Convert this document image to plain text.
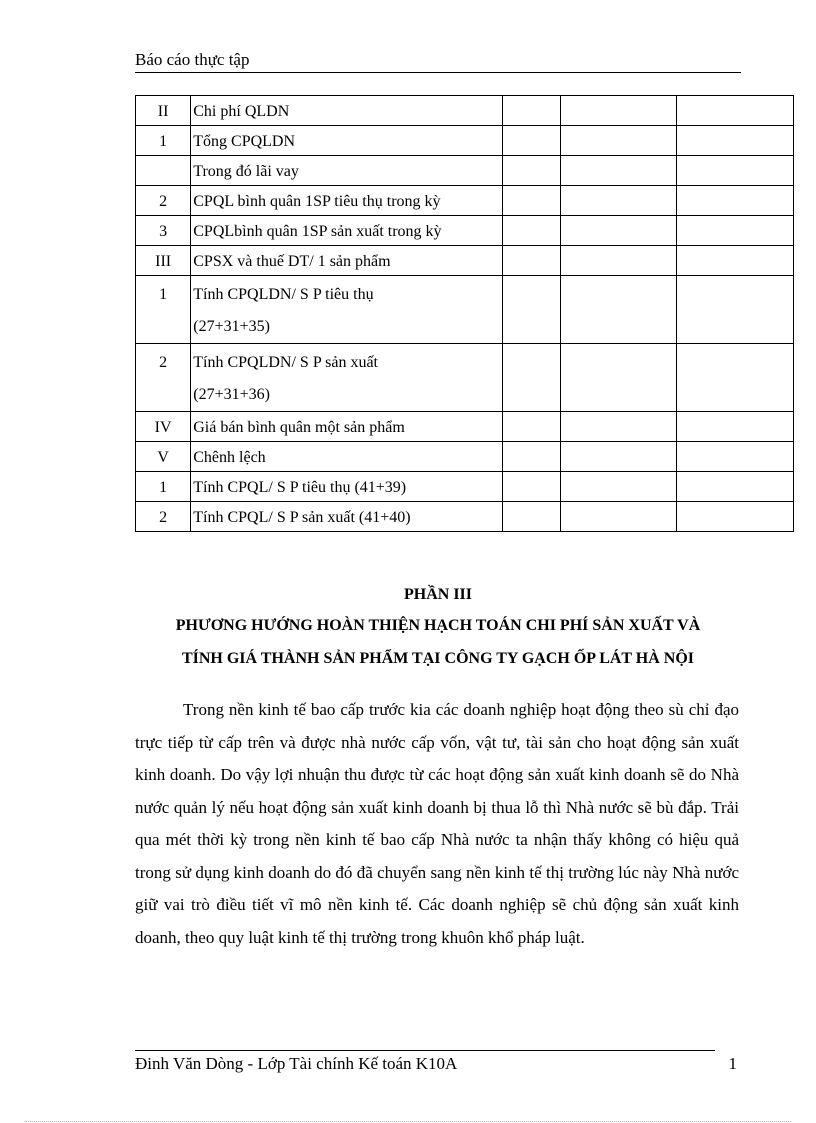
Báo cáo thực tập
II	Chi phí QLDN			

1	Tổng CPQLDN			

	Trong đó lãi vay			

2	CPQL bình quân 1SP tiêu thụ trong kỳ			

3	CPQLbình quân 1SP sản xuất trong kỳ			

III	CPSX và thuế DT/ 1 sản phẩm			

1	Tính CPQLDN/ S P tiêu thụ
(27+31+35)			

2	Tính CPQLDN/ S P sản xuất
(27+31+36)			

IV	Giá bán bình quân một sản phẩm			

V	Chênh lệch			

1	Tính CPQL/ S P tiêu thụ (41+39)			

2	Tính CPQL/ S P sản xuất (41+40)			

PHẦN III
PHƯƠNG HƯỚNG HOÀN THIỆN HẠCH TOÁN CHI PHÍ SẢN XUẤT VÀ
TÍNH GIÁ THÀNH SẢN PHẨM TẠI CÔNG TY GẠCH ỐP LÁT HÀ NỘI

Trong nền kinh tế bao cấp trước kia các doanh nghiệp hoạt động theo sù chỉ đạo trực tiếp từ cấp trên và được nhà nước cấp vốn, vật tư, tài sản cho hoạt động sản xuất kinh doanh. Do vậy lợi nhuận thu được từ các hoạt động sản xuất kinh doanh sẽ do Nhà nước quản lý nếu hoạt động sản xuất kinh doanh bị thua lỗ thì Nhà nước sẽ bù đắp. Trải qua mét thời kỳ trong nền kinh tế bao cấp Nhà nước ta nhận thấy không có hiệu quả trong sử dụng kinh doanh do đó đã chuyển sang nền kinh tế thị trường lúc này Nhà nước giữ vai trò điều tiết vĩ mô nền kinh tế. Các doanh nghiệp sẽ chủ động sản xuất kinh doanh, theo quy luật kinh tế thị trường trong khuôn khổ pháp luật.

Đinh Văn Dòng - Lớp Tài chính Kế toán K10A	1
